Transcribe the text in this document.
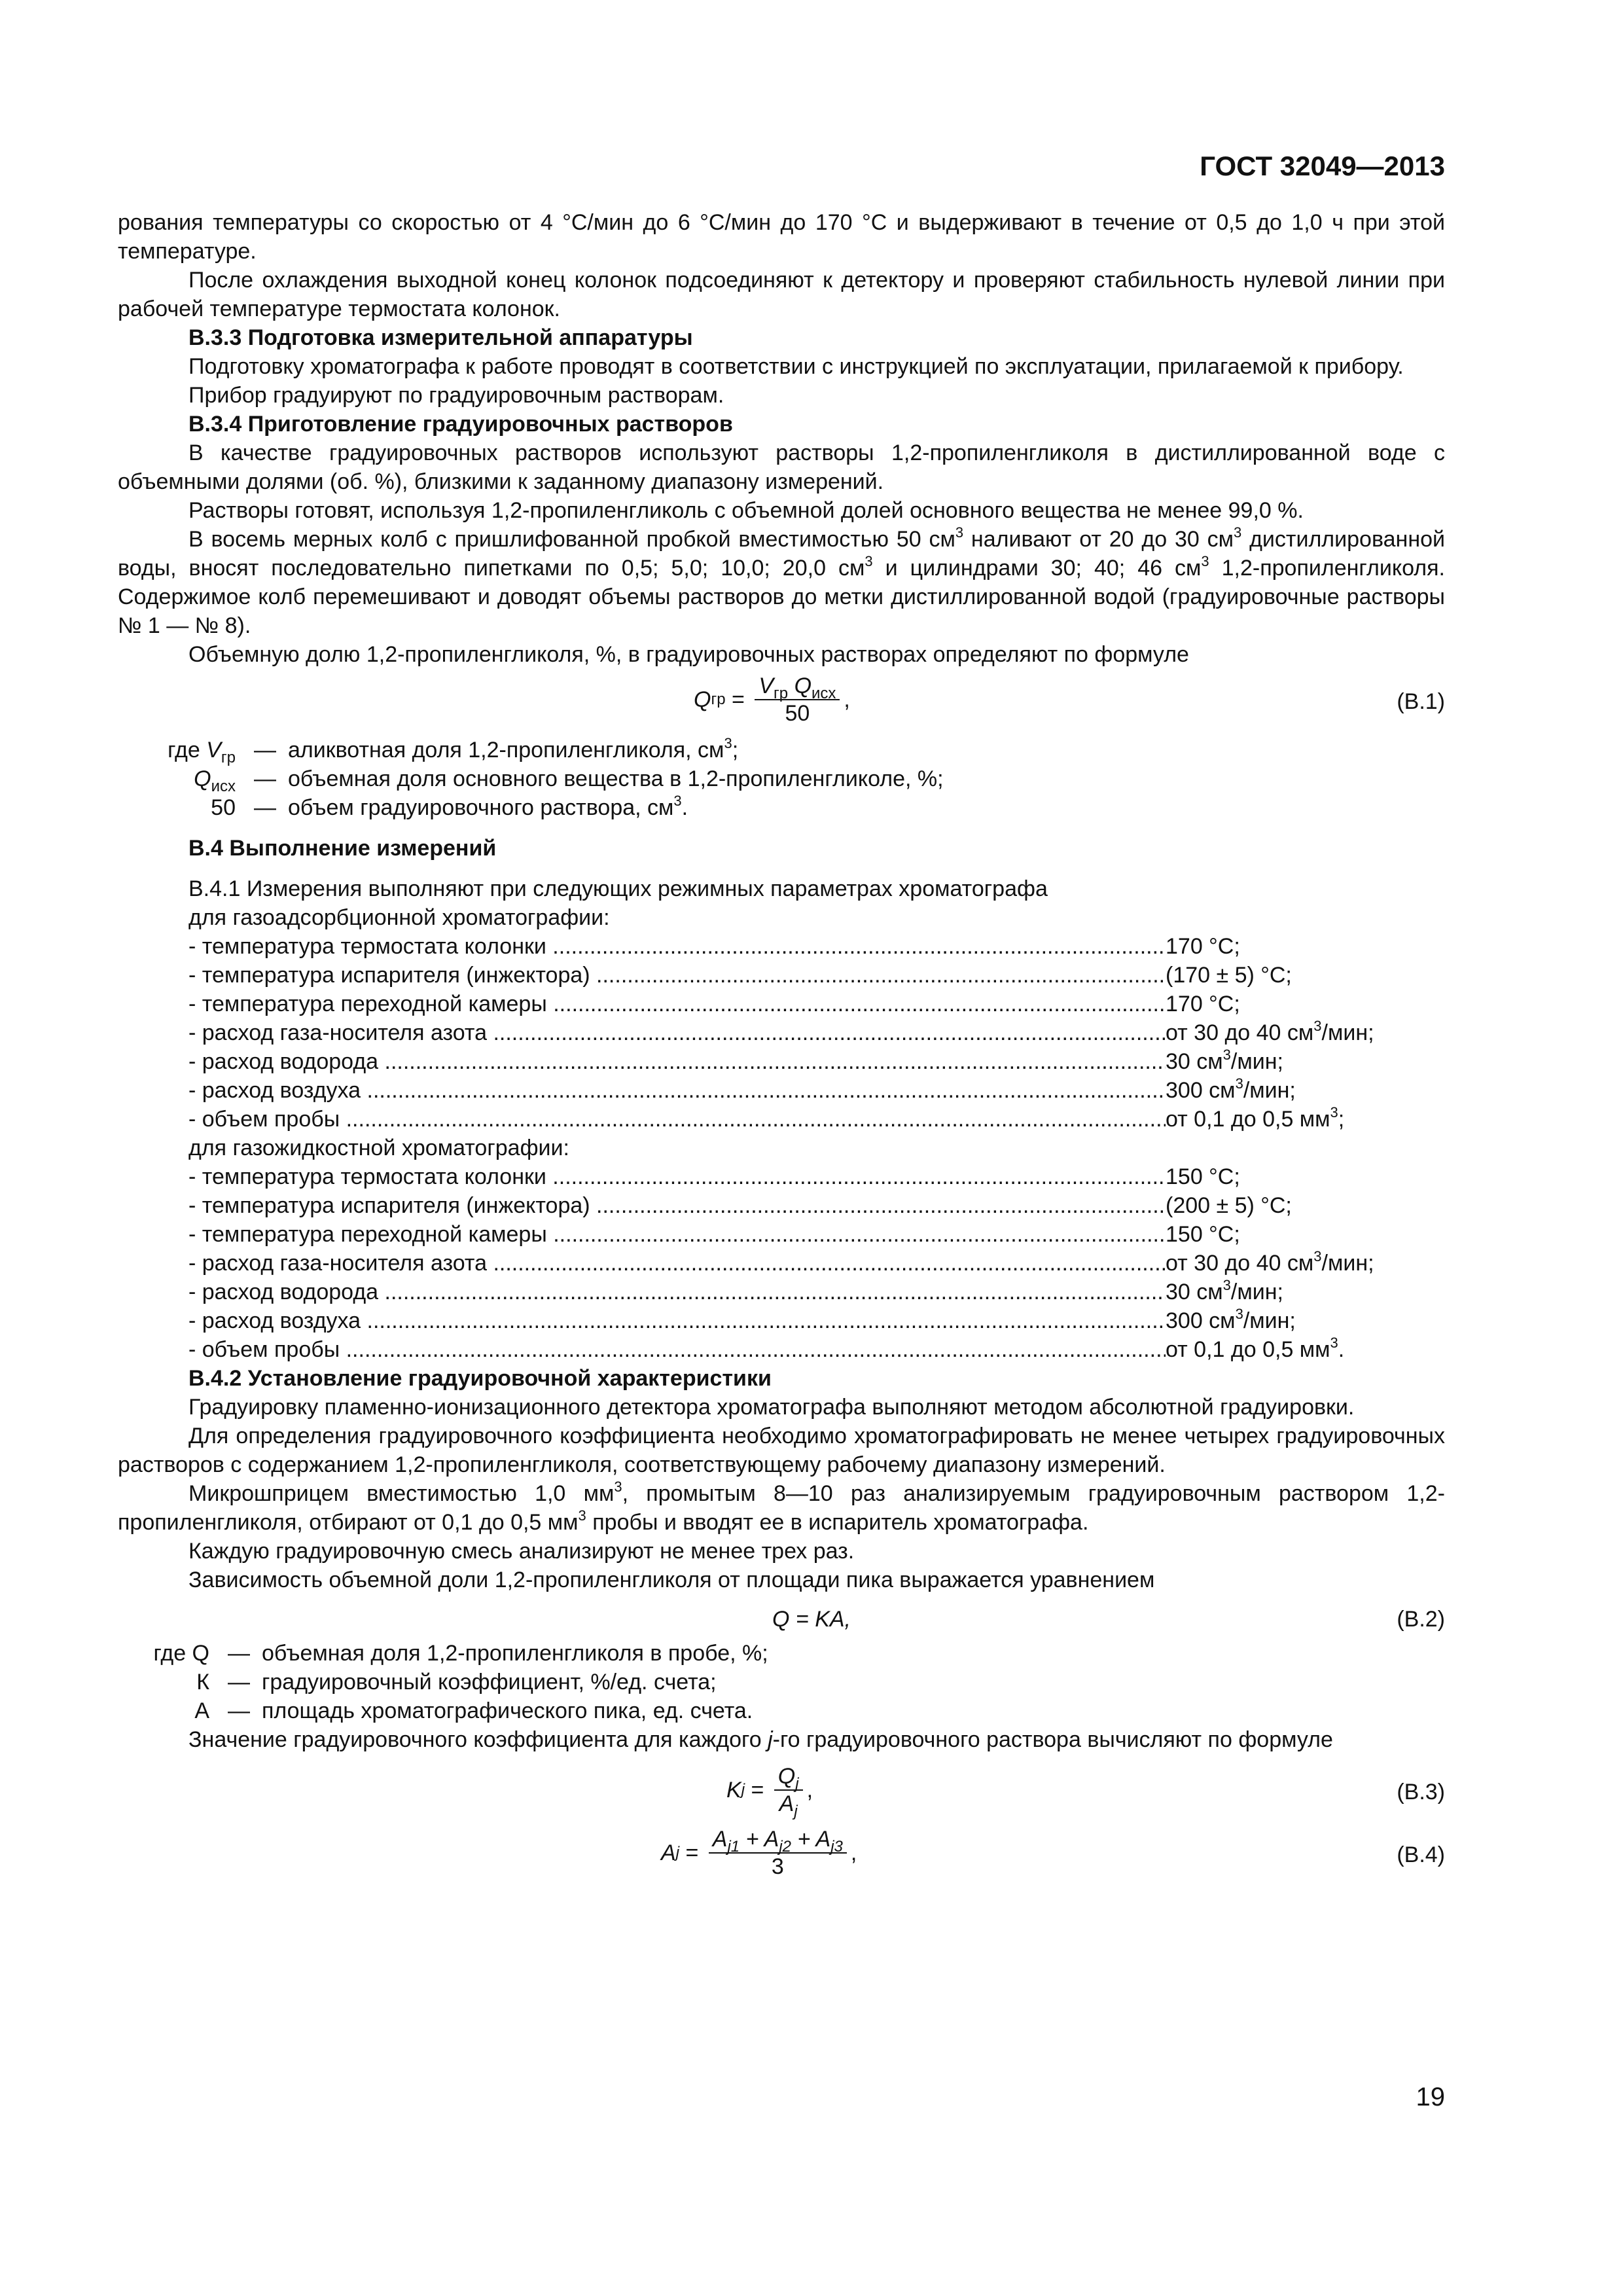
ГОСТ 32049—2013

рования температуры со скоростью от 4 °С/мин до 6 °С/мин до 170 °С и выдерживают в течение от 0,5 до 1,0 ч при этой температуре.

После охлаждения выходной конец колонок подсоединяют к детектору и проверяют стабильность нулевой линии при рабочей температуре термостата колонок.

В.3.3 Подготовка измерительной аппаратуры

Подготовку хроматографа к работе проводят в соответствии с инструкцией по эксплуатации, прилагаемой к прибору.

Прибор градуируют по градуировочным растворам.

В.3.4 Приготовление градуировочных растворов

В качестве градуировочных растворов используют растворы 1,2-пропиленгликоля в дистиллированной воде с объемными долями (об. %), близкими к заданному диапазону измерений.

Растворы готовят, используя 1,2-пропиленгликоль с объемной долей основного вещества не менее 99,0 %.

В восемь мерных колб с пришлифованной пробкой вместимостью 50 $см^3$ наливают от 20 до 30 $см^3$ дистиллированной воды, вносят последовательно пипетками по 0,5; 5,0; 10,0; 20,0 $см^3$ и цилиндрами 30; 40; 46 $см^3$ 1,2-пропиленгликоля. Содержимое колб перемешивают и доводят объемы растворов до метки дистиллированной водой (градуировочные растворы № 1 — № 8).

Объемную долю 1,2-пропиленгликоля, %, в градуировочных растворах определяют по формуле

Q гр = $\frac{V_{гр} Q_{исх}}{50}$ ,	(В.1)
где $V_{гр}$ — аликвотная доля 1,2-пропиленгликоля, $см^3$;
$Q_{исх}$ — объемная доля основного вещества в 1,2-пропиленгликоле, %;
50 — объем градуировочного раствора, $см^3$.

В.4 Выполнение измерений

В.4.1 Измерения выполняют при следующих режимных параметрах хроматографа

для газоадсорбционной хроматографии:

- температура термостата колонки .....	170 °С;
- температура испарителя (инжектора) .....	(170 ± 5) °С;
- температура переходной камеры .....	170 °С;
- расход газа-носителя азота .....	от 30 до 40 $см^3$/мин;
- расход водорода .....	30 $см^3$/мин;
- расход воздуха .....	300 $см^3$/мин;
- объем пробы .....	от 0,1 до 0,5 $мм^3$;

для газожидкостной хроматографии:

- температура термостата колонки .....	150 °С;
- температура испарителя (инжектора) .....	(200 ± 5) °С;
- температура переходной камеры .....	150 °С;
- расход газа-носителя азота .....	от 30 до 40 $см^3$/мин;
- расход водорода .....	30 $см^3$/мин;
- расход воздуха .....	300 $см^3$/мин;
- объем пробы .....	от 0,1 до 0,5 $мм^3$.

В.4.2 Установление градуировочной характеристики

Градуировку пламенно-ионизационного детектора хроматографа выполняют методом абсолютной градуировки.

Для определения градуировочного коэффициента необходимо хроматографировать не менее четырех градуировочных растворов с содержанием 1,2-пропиленгликоля, соответствующему рабочему диапазону измерений.

Микрошприцем вместимостью 1,0 $мм^3$, промытым 8—10 раз анализируемым градуировочным раствором 1,2-пропиленгликоля, отбирают от 0,1 до 0,5 $мм^3$ пробы и вводят ее в испаритель хроматографа.

Каждую градуировочную смесь анализируют не менее трех раз.

Зависимость объемной доли 1,2-пропиленгликоля от площади пика выражается уравнением

Q = KA,	(В.2)
где Q — объемная доля 1,2-пропиленгликоля в пробе, %;
К — градуировочный коэффициент, %/ед. счета;
А — площадь хроматографического пика, ед. счета.

Значение градуировочного коэффициента для каждого j-го градуировочного раствора вычисляют по формуле

K $j = \frac{Q_j}{A_j}$ ,	(В.3)
A $j = \frac{A_{j1} + A_{j2} + A_{j3}}{3}$ ,	(В.4)
19
